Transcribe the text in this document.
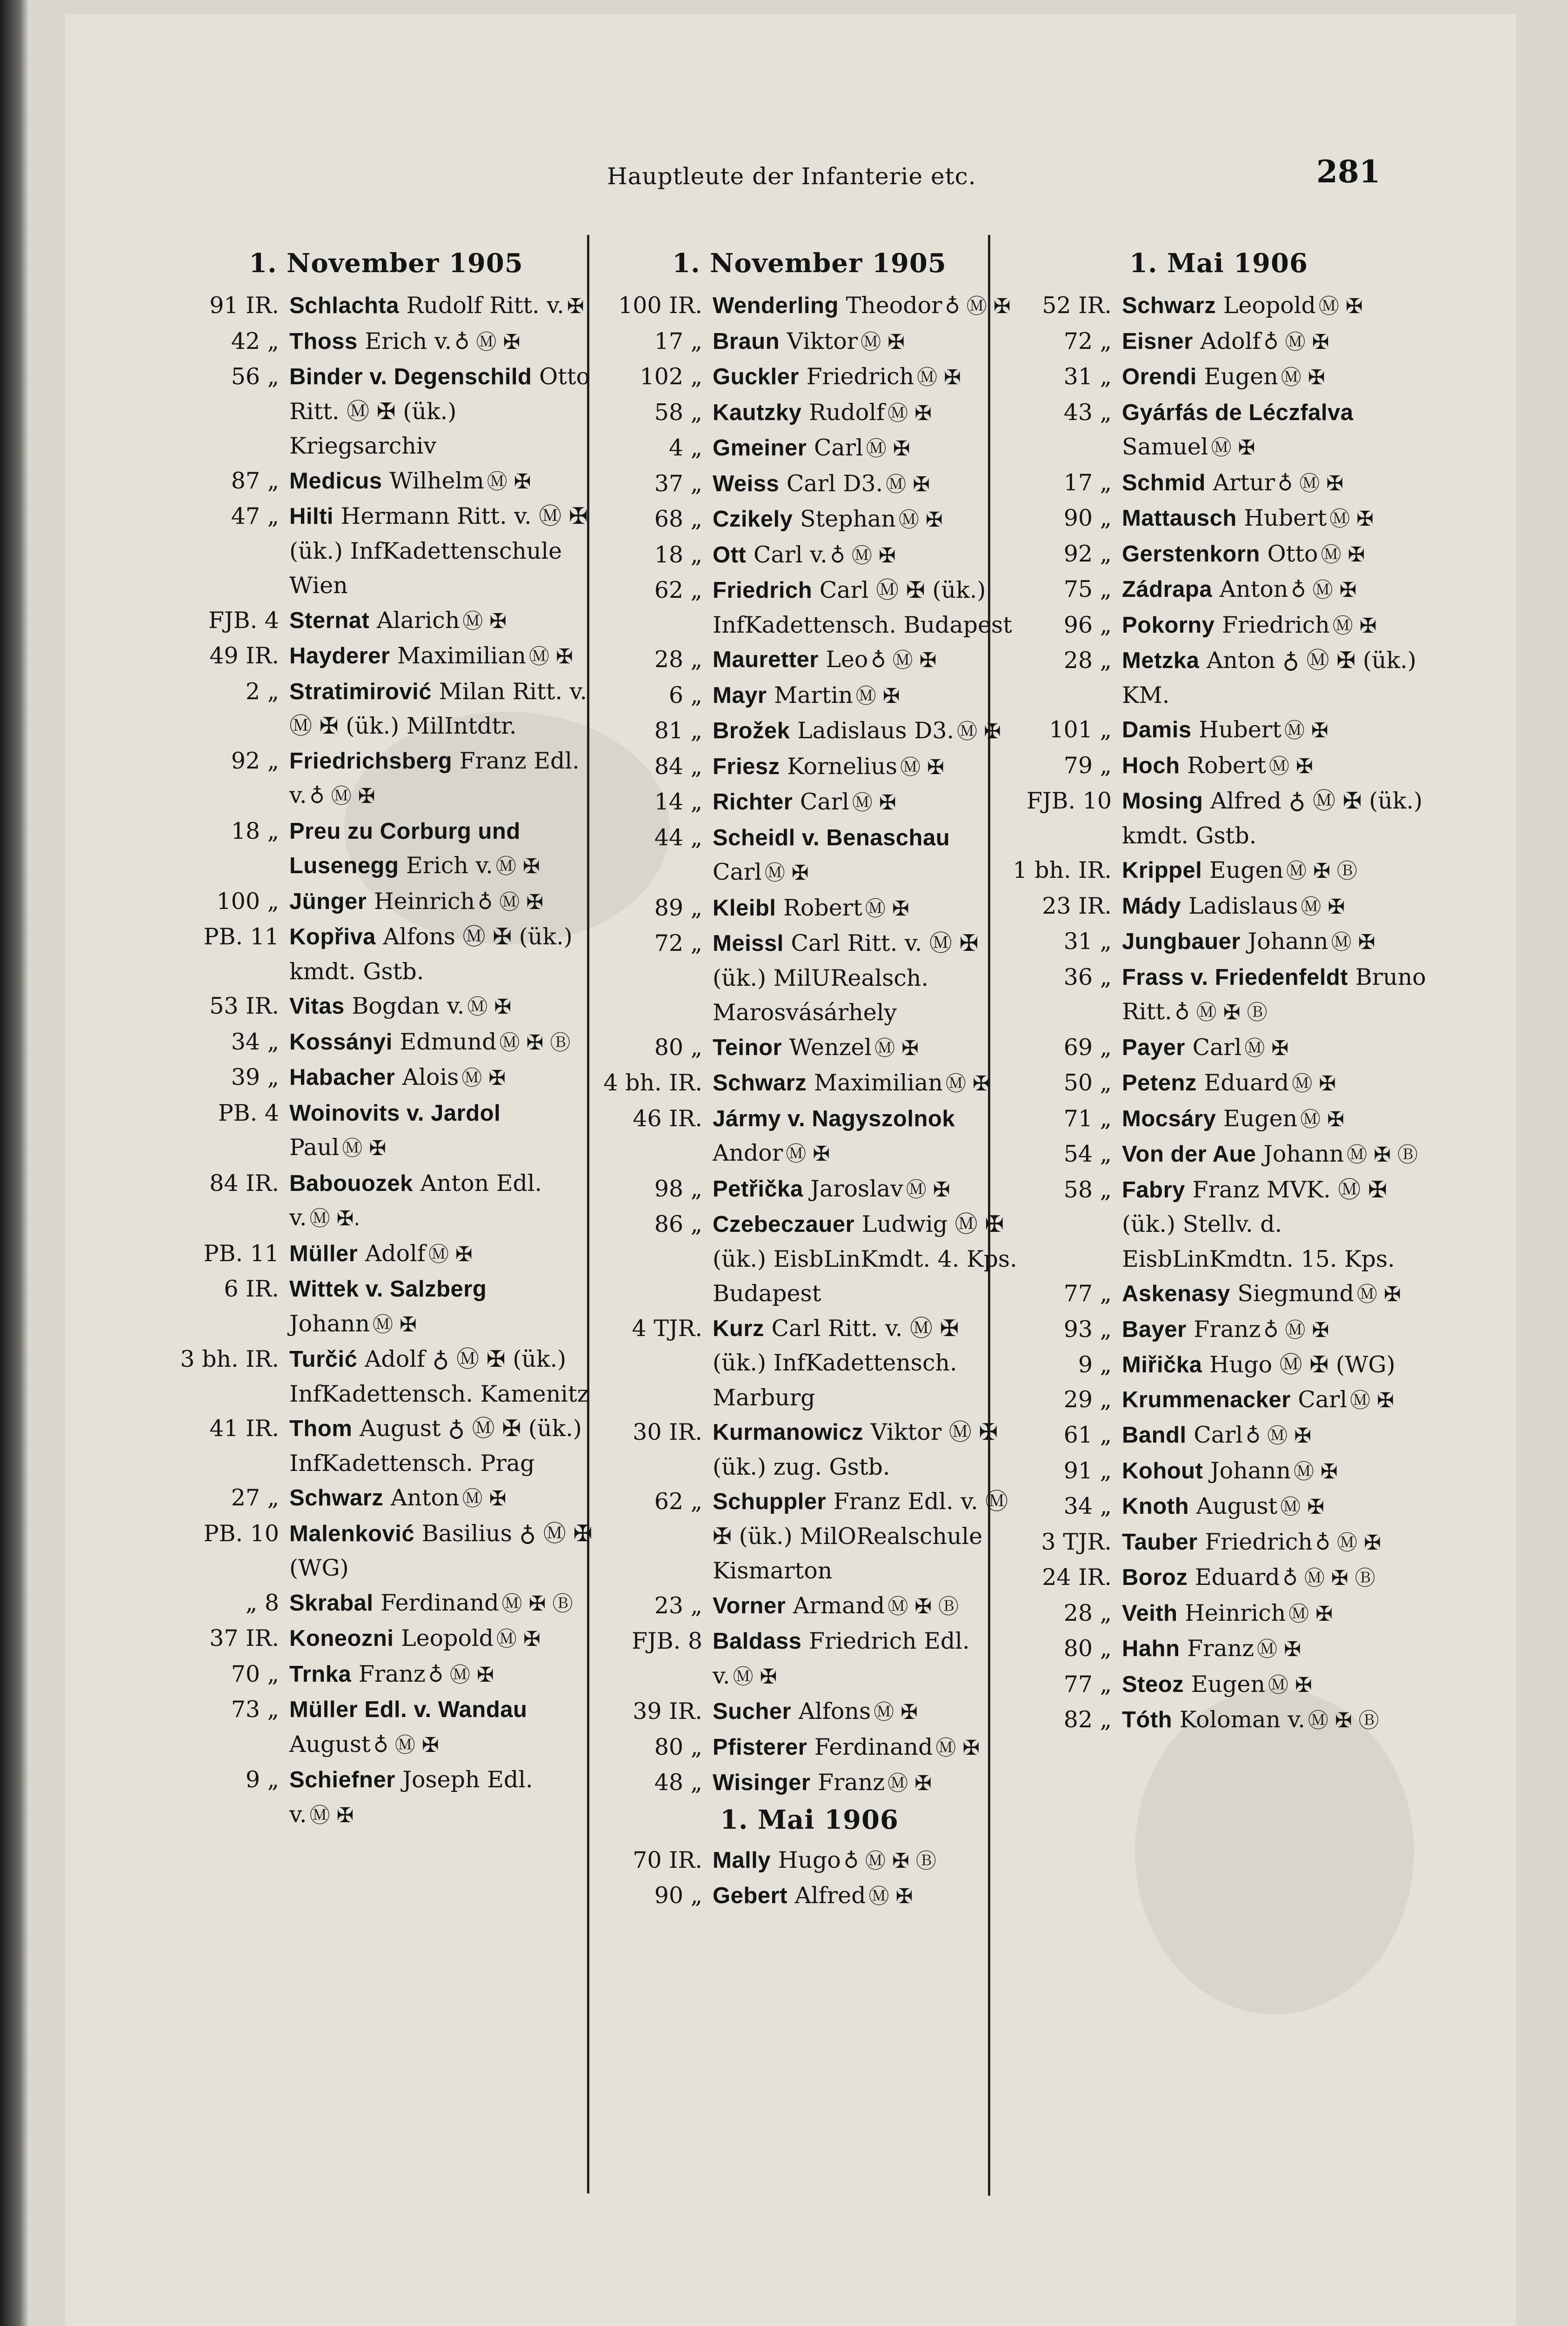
Hauptleute der Infanterie etc.	281
1. November 1905
91 IR. Schlachta Rudolf Ritt. v. ✠
42 „ Thoss Erich v. ♁ Ⓜ ✠
56 „ Binder v. Degenschild Otto Ritt. Ⓜ ✠ (ük.) Kriegsarchiv
87 „ Medicus Wilhelm Ⓜ ✠
47 „ Hilti Hermann Ritt. v. Ⓜ ✠ (ük.) InfKadettenschule Wien
FJB. 4 Sternat Alarich Ⓜ ✠
49 IR. Hayderer Maximilian Ⓜ ✠
2 „ Stratimirović Milan Ritt. v. Ⓜ ✠ (ük.) MilIntdtr.
92 „ Friedrichsberg Franz Edl. v. ♁ Ⓜ ✠
18 „ Preu zu Corburg und Lusenegg Erich v. Ⓜ ✠
100 „ Jünger Heinrich ♁ Ⓜ ✠
PB. 11 Kopřiva Alfons Ⓜ ✠ (ük.) kmdt. Gstb.
53 IR. Vitas Bogdan v. Ⓜ ✠
34 „ Kossányi Edmund Ⓜ ✠ Ⓑ
39 „ Habacher Alois Ⓜ ✠
PB. 4 Woinovits v. Jardol Paul Ⓜ ✠
84 IR. Babouozek Anton Edl. v. Ⓜ ✠.
PB. 11 Müller Adolf Ⓜ ✠
6 IR. Wittek v. Salzberg Johann Ⓜ ✠
3 bh. IR. Turčić Adolf ♁ Ⓜ ✠ (ük.) InfKadettensch. Kamenitz
41 IR. Thom August ♁ Ⓜ ✠ (ük.) InfKadettensch. Prag
27 „ Schwarz Anton Ⓜ ✠
PB. 10 Malenković Basilius ♁ Ⓜ ✠ (WG)
„ 8 Skrabal Ferdinand Ⓜ ✠ Ⓑ
37 IR. Koneozni Leopold Ⓜ ✠
70 „ Trnka Franz ♁ Ⓜ ✠
73 „ Müller Edl. v. Wandau August ♁ Ⓜ ✠
9 „ Schiefner Joseph Edl. v. Ⓜ ✠
1. November 1905
100 IR. Wenderling Theodor ♁ Ⓜ ✠
17 „ Braun Viktor Ⓜ ✠
102 „ Guckler Friedrich Ⓜ ✠
58 „ Kautzky Rudolf Ⓜ ✠
4 „ Gmeiner Carl Ⓜ ✠
37 „ Weiss Carl D3. Ⓜ ✠
68 „ Czikely Stephan Ⓜ ✠
18 „ Ott Carl v. ♁ Ⓜ ✠
62 „ Friedrich Carl Ⓜ ✠ (ük.) InfKadettensch. Budapest
28 „ Mauretter Leo ♁ Ⓜ ✠
6 „ Mayr Martin Ⓜ ✠
81 „ Brožek Ladislaus D3. Ⓜ ✠
84 „ Friesz Kornelius Ⓜ ✠
14 „ Richter Carl Ⓜ ✠
44 „ Scheidl v. Benaschau Carl Ⓜ ✠
89 „ Kleibl Robert Ⓜ ✠
72 „ Meissl Carl Ritt. v. Ⓜ ✠ (ük.) MilURealsch. Marosvásárhely
80 „ Teinor Wenzel Ⓜ ✠
4 bh. IR. Schwarz Maximilian Ⓜ ✠
46 IR. Jármy v. Nagyszolnok Andor Ⓜ ✠
98 „ Petřička Jaroslav Ⓜ ✠
86 „ Czebeczauer Ludwig Ⓜ ✠ (ük.) EisbLinKmdt. 4. Kps. Budapest
4 TJR. Kurz Carl Ritt. v. Ⓜ ✠ (ük.) InfKadettensch. Marburg
30 IR. Kurmanowicz Viktor Ⓜ ✠ (ük.) zug. Gstb.
62 „ Schuppler Franz Edl. v. Ⓜ ✠ (ük.) MilORealschule Kismarton
23 „ Vorner Armand Ⓜ ✠ Ⓑ
FJB. 8 Baldass Friedrich Edl. v. Ⓜ ✠
39 IR. Sucher Alfons Ⓜ ✠
80 „ Pfisterer Ferdinand Ⓜ ✠
48 „ Wisinger Franz Ⓜ ✠
1. Mai 1906
70 IR. Mally Hugo ♁ Ⓜ ✠ Ⓑ
90 „ Gebert Alfred Ⓜ ✠
1. Mai 1906
52 IR. Schwarz Leopold Ⓜ ✠
72 „ Eisner Adolf ♁ Ⓜ ✠
31 „ Orendi Eugen Ⓜ ✠
43 „ Gyárfás de Léczfalva Samuel Ⓜ ✠
17 „ Schmid Artur ♁ Ⓜ ✠
90 „ Mattausch Hubert Ⓜ ✠
92 „ Gerstenkorn Otto Ⓜ ✠
75 „ Zádrapa Anton ♁ Ⓜ ✠
96 „ Pokorny Friedrich Ⓜ ✠
28 „ Metzka Anton ♁ Ⓜ ✠ (ük.) KM.
101 „ Damis Hubert Ⓜ ✠
79 „ Hoch Robert Ⓜ ✠
FJB. 10 Mosing Alfred ♁ Ⓜ ✠ (ük.) kmdt. Gstb.
1 bh. IR. Krippel Eugen Ⓜ ✠ Ⓑ
23 IR. Mády Ladislaus Ⓜ ✠
31 „ Jungbauer Johann Ⓜ ✠
36 „ Frass v. Friedenfeldt Bruno Ritt. ♁ Ⓜ ✠ Ⓑ
69 „ Payer Carl Ⓜ ✠
50 „ Petenz Eduard Ⓜ ✠
71 „ Mocsáry Eugen Ⓜ ✠
54 „ Von der Aue Johann Ⓜ ✠ Ⓑ
58 „ Fabry Franz MVK. Ⓜ ✠ (ük.) Stellv. d. EisbLinKmdtn. 15. Kps.
77 „ Askenasy Siegmund Ⓜ ✠
93 „ Bayer Franz ♁ Ⓜ ✠
9 „ Miřička Hugo Ⓜ ✠ (WG)
29 „ Krummenacker Carl Ⓜ ✠
61 „ Bandl Carl ♁ Ⓜ ✠
91 „ Kohout Johann Ⓜ ✠
34 „ Knoth August Ⓜ ✠
3 TJR. Tauber Friedrich ♁ Ⓜ ✠
24 IR. Boroz Eduard ♁ Ⓜ ✠ Ⓑ
28 „ Veith Heinrich Ⓜ ✠
80 „ Hahn Franz Ⓜ ✠
77 „ Steoz Eugen Ⓜ ✠
82 „ Tóth Koloman v. Ⓜ ✠ Ⓑ
